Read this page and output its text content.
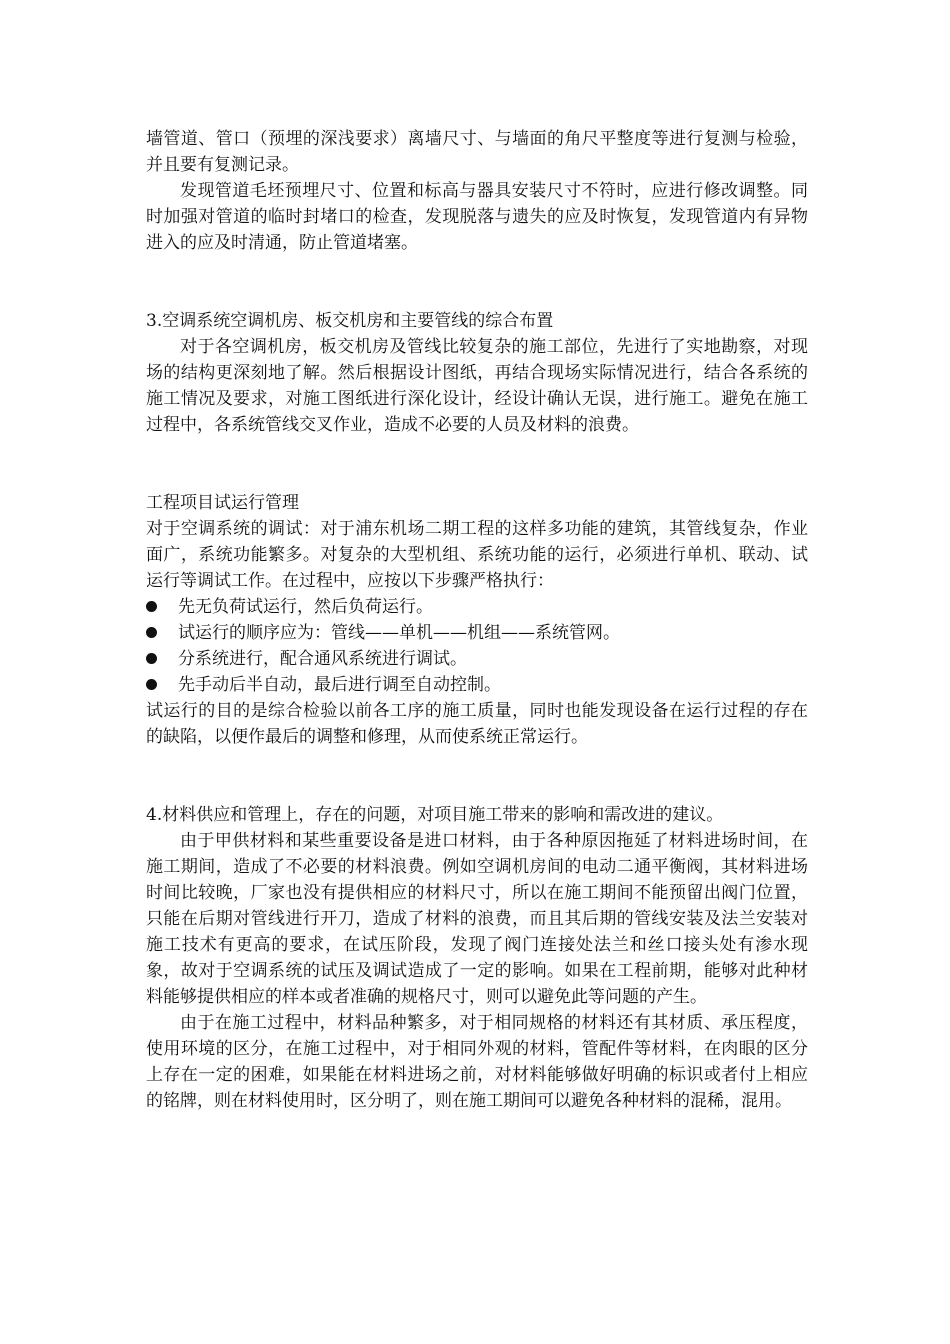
墙管道、管口（预埋的深浅要求）离墙尺寸、与墙面的角尺平整度等进行复测与检验，并且要有复测记录。

发现管道毛坯预埋尺寸、位置和标高与器具安装尺寸不符时，应进行修改调整。同时加强对管道的临时封堵口的检查，发现脱落与遗失的应及时恢复，发现管道内有异物进入的应及时清通，防止管道堵塞。

3.空调系统空调机房、板交机房和主要管线的综合布置

对于各空调机房，板交机房及管线比较复杂的施工部位，先进行了实地勘察，对现场的结构更深刻地了解。然后根据设计图纸，再结合现场实际情况进行，结合各系统的施工情况及要求，对施工图纸进行深化设计，经设计确认无误，进行施工。避免在施工过程中，各系统管线交叉作业，造成不必要的人员及材料的浪费。

工程项目试运行管理

对于空调系统的调试：对于浦东机场二期工程的这样多功能的建筑，其管线复杂，作业面广，系统功能繁多。对复杂的大型机组、系统功能的运行，必须进行单机、联动、试运行等调试工作。在过程中，应按以下步骤严格执行：

先无负荷试运行，然后负荷运行。
试运行的顺序应为：管线——单机——机组——系统管网。
分系统进行，配合通风系统进行调试。
先手动后半自动，最后进行调至自动控制。

试运行的目的是综合检验以前各工序的施工质量，同时也能发现设备在运行过程的存在的缺陷，以便作最后的调整和修理，从而使系统正常运行。

4.材料供应和管理上，存在的问题，对项目施工带来的影响和需改进的建议。

由于甲供材料和某些重要设备是进口材料，由于各种原因拖延了材料进场时间，在施工期间，造成了不必要的材料浪费。例如空调机房间的电动二通平衡阀，其材料进场时间比较晚，厂家也没有提供相应的材料尺寸，所以在施工期间不能预留出阀门位置，只能在后期对管线进行开刀，造成了材料的浪费，而且其后期的管线安装及法兰安装对施工技术有更高的要求，在试压阶段，发现了阀门连接处法兰和丝口接头处有渗水现象，故对于空调系统的试压及调试造成了一定的影响。如果在工程前期，能够对此种材料能够提供相应的样本或者准确的规格尺寸，则可以避免此等问题的产生。

由于在施工过程中，材料品种繁多，对于相同规格的材料还有其材质、承压程度，使用环境的区分，在施工过程中，对于相同外观的材料，管配件等材料，在肉眼的区分上存在一定的困难，如果能在材料进场之前，对材料能够做好明确的标识或者付上相应的铭牌，则在材料使用时，区分明了，则在施工期间可以避免各种材料的混稀，混用。
